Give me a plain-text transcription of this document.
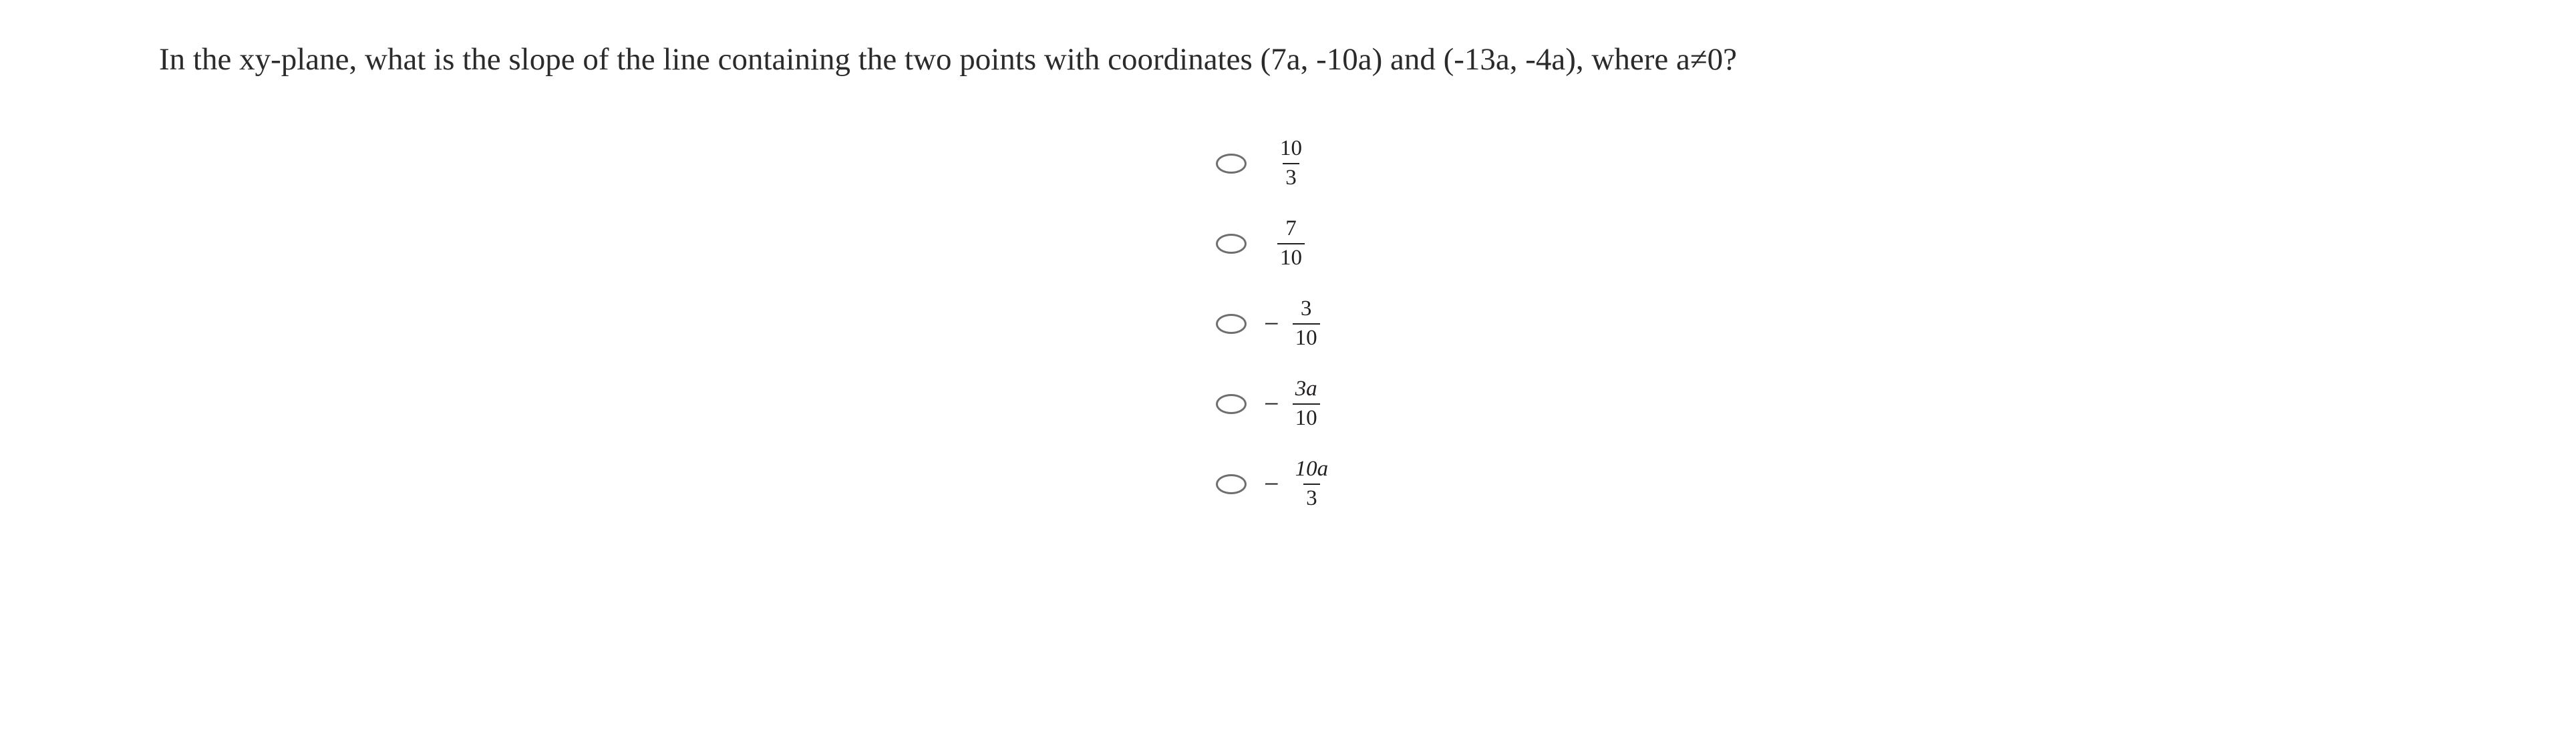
In the xy-plane, what is the slope of the line containing the two points with coordinates (7a, -10a) and (-13a, -4a), where a≠0?
$\frac{10}{3}$
$\frac{7}{10}$
− $\frac{3}{10}$
− $\frac{3a}{10}$
− $\frac{10a}{3}$
